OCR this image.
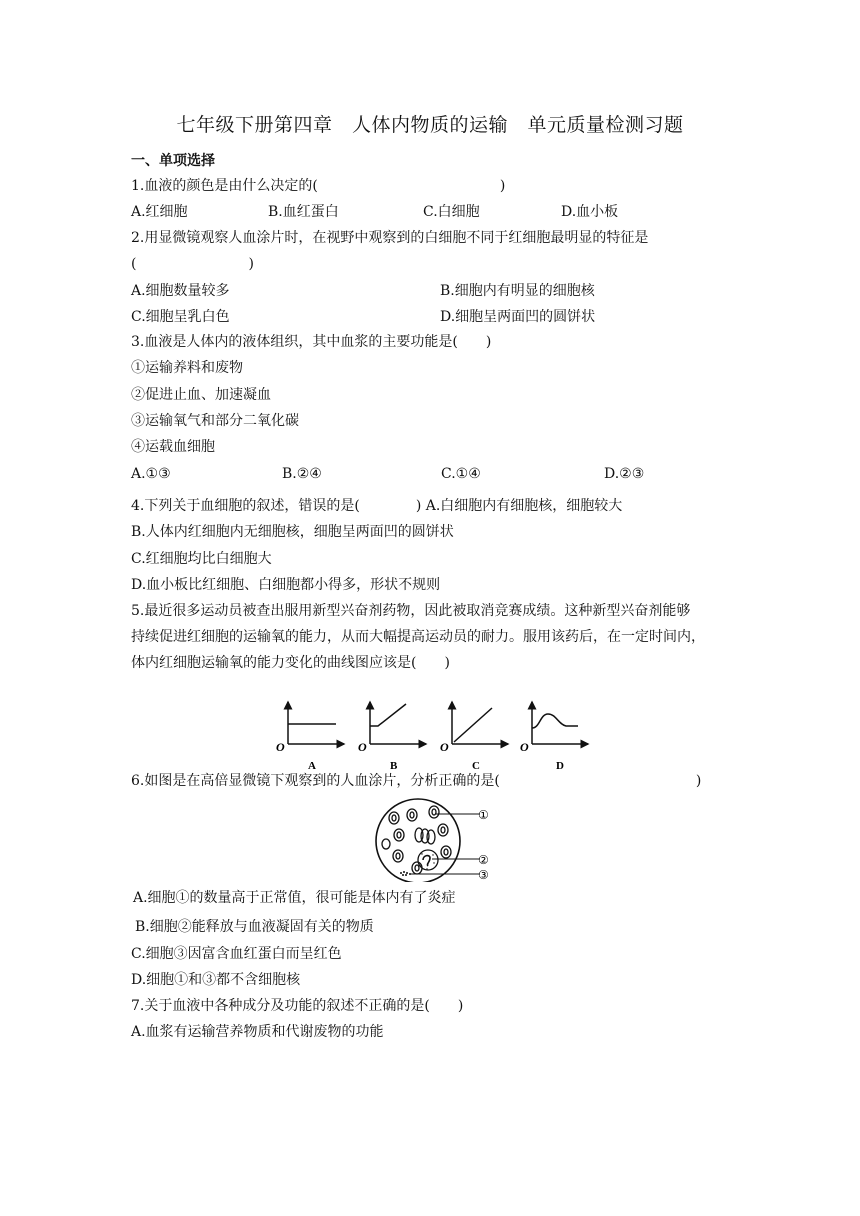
七年级下册第四章　人体内物质的运输　单元质量检测习题
一、单项选择
1.血液的颜色是由什么决定的(　　　　　　　　　　　　　)
A.红细胞	B.血红蛋白	C.白细胞	D.血小板
2.用显微镜观察人血涂片时，在视野中观察到的白细胞不同于红细胞最明显的特征是
(　　　　　　　　)
A.细胞数量较多	B.细胞内有明显的细胞核
C.细胞呈乳白色	D.细胞呈两面凹的圆饼状
3.血液是人体内的液体组织，其中血浆的主要功能是(　　)
①运输养料和废物
②促进止血、加速凝血
③运输氧气和部分二氧化碳
④运载血细胞
A.①③	B.②④	C.①④	D.②③
4.下列关于血细胞的叙述，错误的是(　　　　) A.白细胞内有细胞核，细胞较大
B.人体内红细胞内无细胞核，细胞呈两面凹的圆饼状
C.红细胞均比白细胞大
D.血小板比红细胞、白细胞都小得多，形状不规则
5.最近很多运动员被查出服用新型兴奋剂药物，因此被取消竞赛成绩。这种新型兴奋剂能够
持续促进红细胞的运输氧的能力，从而大幅提高运动员的耐力。服用该药后，在一定时间内，
体内红细胞运输氧的能力变化的曲线图应该是(　　)
O
A
O
B
O
C
O
D
6.如图是在高倍显微镜下观察到的人血涂片，分析正确的是(　　　　　　　　　　　　　　)
①
②
③
A.细胞①的数量高于正常值，很可能是体内有了炎症
B.细胞②能释放与血液凝固有关的物质
C.细胞③因富含血红蛋白而呈红色
D.细胞①和③都不含细胞核
7.关于血液中各种成分及功能的叙述不正确的是(　　)
A.血浆有运输营养物质和代谢废物的功能
